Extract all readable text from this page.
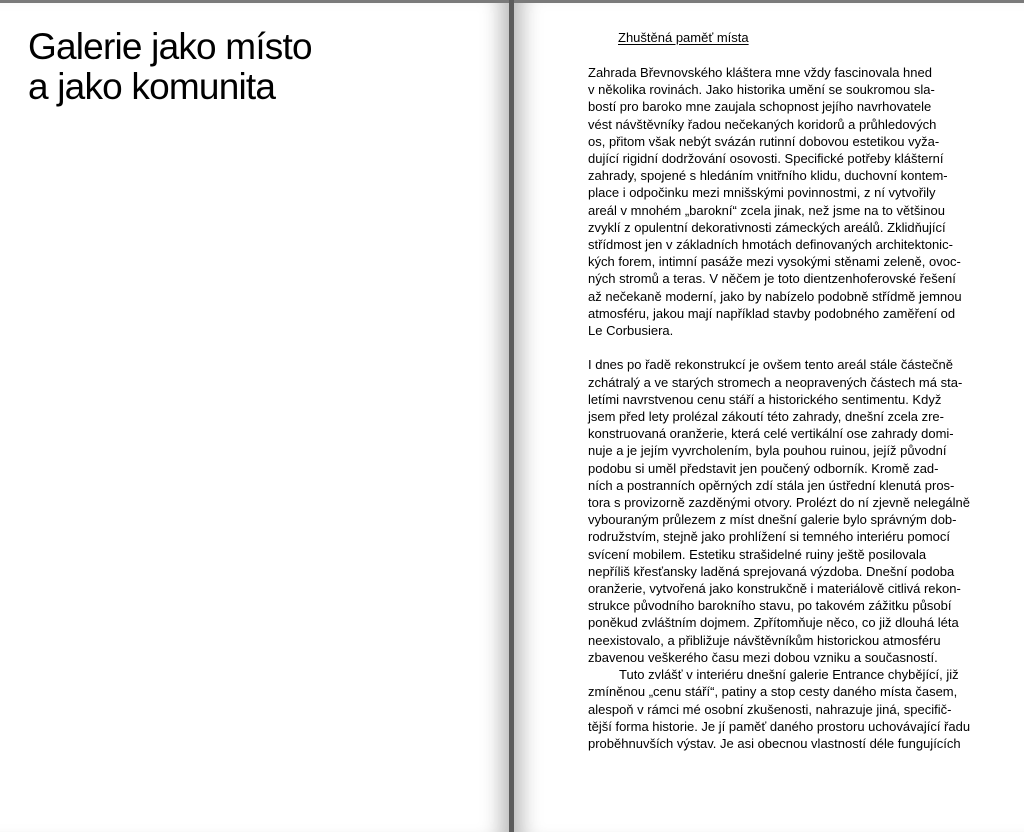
Galerie jako místo
a jako komunita
Zhuštěná paměť místa

Zahrada Břevnovského kláštera mne vždy fascinovala hned
v několika rovinách. Jako historika umění se soukromou sla-
bostí pro baroko mne zaujala schopnost jejího navrhovatele
vést návštěvníky řadou nečekaných koridorů a průhledových
os, přitom však nebýt svázán rutinní dobovou estetikou vyža-
dující rigidní dodržování osovosti. Specifické potřeby klášterní
zahrady, spojené s hledáním vnitřního klidu, duchovní kontem-
place i odpočinku mezi mnišskými povinnostmi, z ní vytvořily
areál v mnohém „barokní“ zcela jinak, než jsme na to většinou
zvyklí z opulentní dekorativnosti zámeckých areálů. Zklidňující
střídmost jen v základních hmotách definovaných architektonic-
kých forem, intimní pasáže mezi vysokými stěnami zeleně, ovoc-
ných stromů a teras. V něčem je toto dientzenhoferovské řešení
až nečekaně moderní, jako by nabízelo podobně střídmě jemnou
atmosféru, jakou mají například stavby podobného zaměření od
Le Corbusiera.

I dnes po řadě rekonstrukcí je ovšem tento areál stále částečně
zchátralý a ve starých stromech a neopravených částech má sta-
letími navrstvenou cenu stáří a historického sentimentu. Když
jsem před lety prolézal zákoutí této zahrady, dnešní zcela zre-
konstruovaná oranžerie, která celé vertikální ose zahrady domi-
nuje a je jejím vyvrcholením, byla pouhou ruinou, jejíž původní
podobu si uměl představit jen poučený odborník. Kromě zad-
ních a postranních opěrných zdí stála jen ústřední klenutá pros-
tora s provizorně zazděnými otvory. Prolézt do ní zjevně nelegálně
vybouraným průlezem z míst dnešní galerie bylo správným dob-
rodružstvím, stejně jako prohlížení si temného interiéru pomocí
svícení mobilem. Estetiku strašidelné ruiny ještě posilovala
nepříliš křesťansky laděná sprejovaná výzdoba. Dnešní podoba
oranžerie, vytvořená jako konstrukčně i materiálově citlivá rekon-
strukce původního barokního stavu, po takovém zážitku působí
poněkud zvláštním dojmem. Zpřítomňuje něco, co již dlouhá léta
neexistovalo, a přibližuje návštěvníkům historickou atmosféru
zbavenou veškerého času mezi dobou vzniku a současností.

Tuto zvlášť v interiéru dnešní galerie Entrance chybějící, již
zmíněnou „cenu stáří“, patiny a stop cesty daného místa časem,
alespoň v rámci mé osobní zkušenosti, nahrazuje jiná, specifič-
tější forma historie. Je jí paměť daného prostoru uchovávající řadu
proběhnuvších výstav. Je asi obecnou vlastností déle fungujících
